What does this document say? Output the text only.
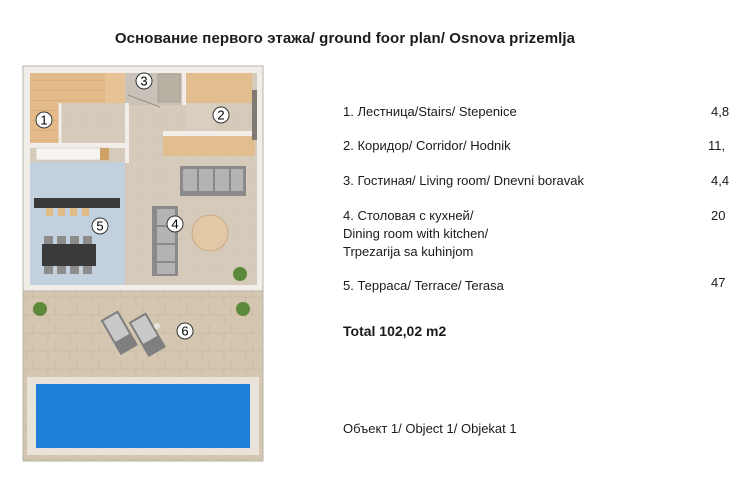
Основание первого этажа/ ground foor plan/ Osnova prizemlja
1	2
3
4
5
6
1. Лестница/Stairs/ Stepenice	4,8
2. Коридор/ Corridor/ Hodnik	11,
3. Гостиная/ Living room/ Dnevni boravak	4,4
4. Столовая с кухней/
Dining room with kitchen/
Trpezarija sa kuhinjom
20
5. Терраса/ Terrace/ Terasa	47
Total 102,02 m2
Объект 1/ Object 1/ Objekat 1
